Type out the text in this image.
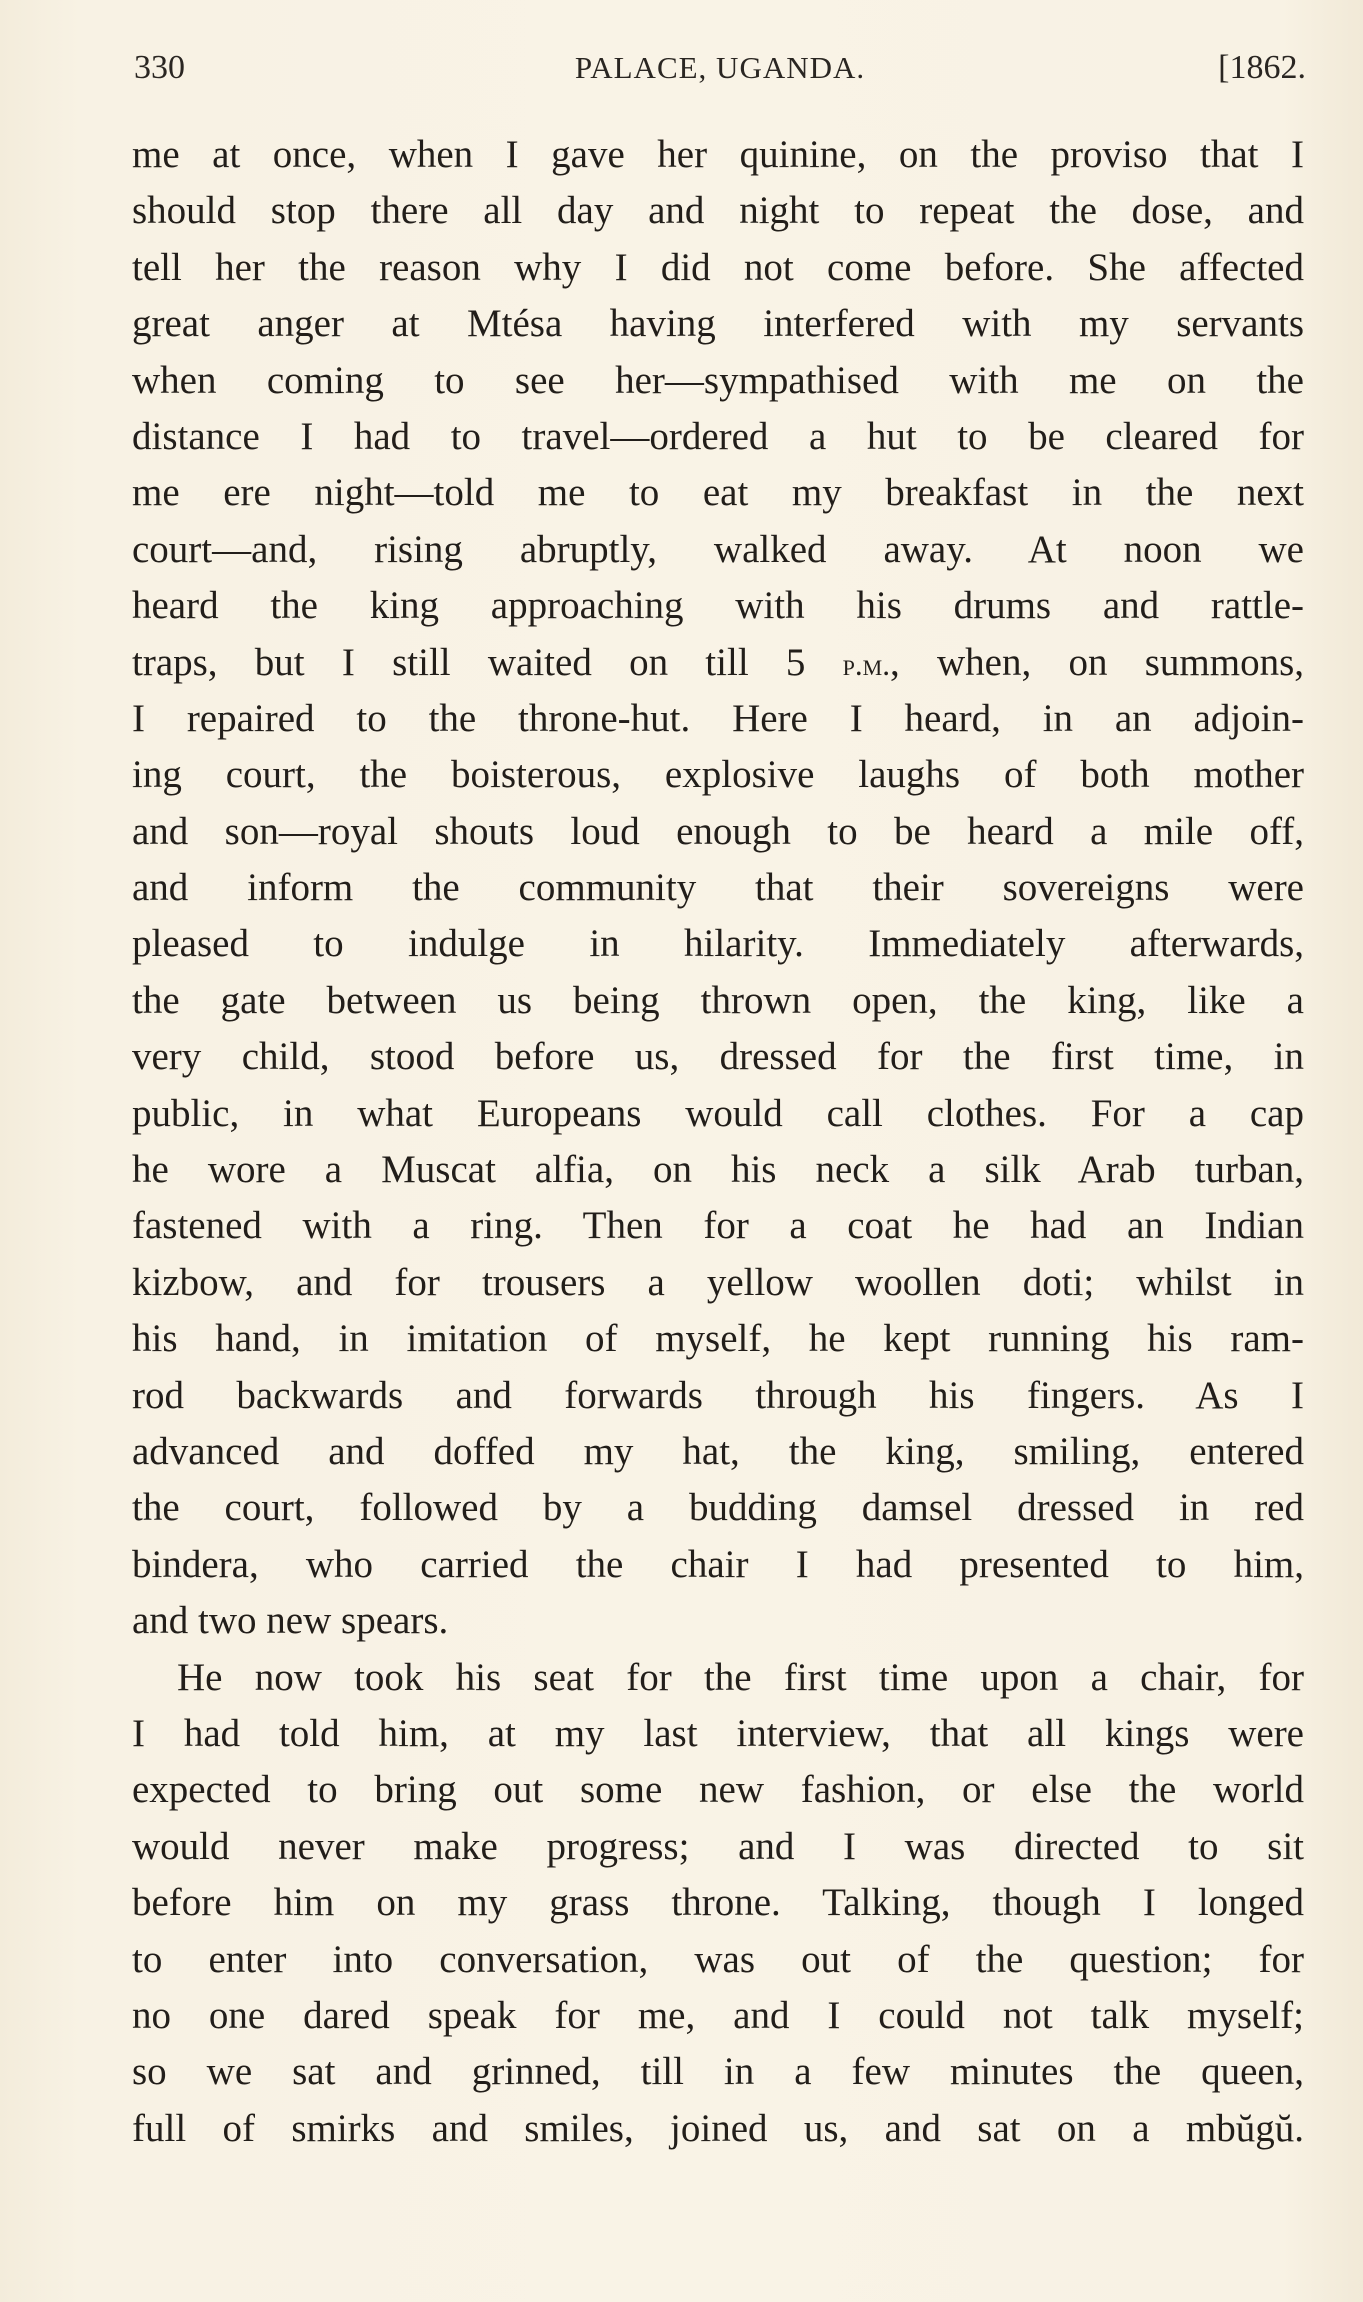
330	PALACE, UGANDA.	[1862.
me at once, when I gave her quinine, on the proviso that I
should stop there all day and night to repeat the dose, and
tell her the reason why I did not come before. She affected
great anger at Mtésa having interfered with my servants
when coming to see her—sympathised with me on the
distance I had to travel—ordered a hut to be cleared for
me ere night—told me to eat my breakfast in the next
court—and, rising abruptly, walked away. At noon we
heard the king approaching with his drums and rattle-
traps, but I still waited on till 5 p.m., when, on summons,
I repaired to the throne-hut. Here I heard, in an adjoin-
ing court, the boisterous, explosive laughs of both mother
and son—royal shouts loud enough to be heard a mile off,
and inform the community that their sovereigns were
pleased to indulge in hilarity. Immediately afterwards,
the gate between us being thrown open, the king, like a
very child, stood before us, dressed for the first time, in
public, in what Europeans would call clothes. For a cap
he wore a Muscat alfia, on his neck a silk Arab turban,
fastened with a ring. Then for a coat he had an Indian
kizbow, and for trousers a yellow woollen doti; whilst in
his hand, in imitation of myself, he kept running his ram-
rod backwards and forwards through his fingers. As I
advanced and doffed my hat, the king, smiling, entered
the court, followed by a budding damsel dressed in red
bindera, who carried the chair I had presented to him,
and two new spears.
He now took his seat for the first time upon a chair, for
I had told him, at my last interview, that all kings were
expected to bring out some new fashion, or else the world
would never make progress; and I was directed to sit
before him on my grass throne. Talking, though I longed
to enter into conversation, was out of the question; for
no one dared speak for me, and I could not talk myself;
so we sat and grinned, till in a few minutes the queen,
full of smirks and smiles, joined us, and sat on a mbŭgŭ.
